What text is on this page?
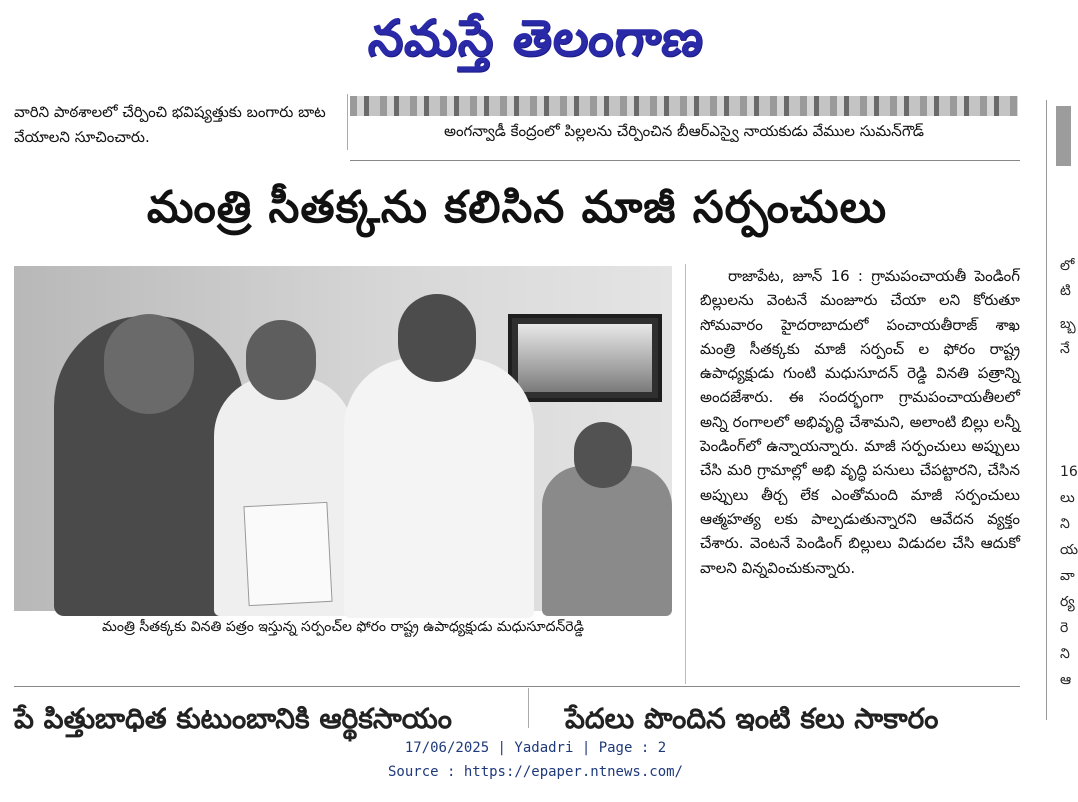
నమస్తే తెలంగాణ
వారిని పాఠశాలలో చేర్పించి భవిష్యత్తుకు బంగారు బాట వేయాలని సూచించారు.	అంగన్వాడీ కేంద్రంలో పిల్లలను చేర్పించిన బీఆర్ఎస్వై నాయకుడు వేముల సుమన్‌గౌడ్
మంత్రి సీతక్కను కలిసిన మాజీ సర్పంచులు
మంత్రి సీతక్కకు వినతి పత్రం ఇస్తున్న సర్పంచ్‌ల ఫోరం రాష్ట్ర ఉపాధ్యక్షుడు మధుసూదన్‌రెడ్డి

రాజాపేట, జూన్ 16 : గ్రామపంచాయతీ పెండింగ్ బిల్లులను వెంటనే మంజూరు చేయా లని కోరుతూ సోమవారం హైదరాబాదులో పంచాయతీరాజ్ శాఖ మంత్రి సీతక్కకు మాజీ సర్పంచ్ ల ఫోరం రాష్ట్ర ఉపాధ్యక్షుడు గుంటి మధుసూదన్ రెడ్డి వినతి పత్రాన్ని అందజేశారు. ఈ సందర్భంగా గ్రామపంచాయతీలలో అన్ని రంగాలలో అభివృద్ధి చేశామని, అలాంటి బిల్లు లన్నీ పెండింగ్‌లో ఉన్నాయన్నారు. మాజీ సర్పంచులు అప్పులు చేసి మరి గ్రామాల్లో అభి వృద్ధి పనులు చేపట్టారని, చేసిన అప్పులు తీర్చ లేక ఎంతోమంది మాజీ సర్పంచులు ఆత్మహత్య లకు పాల్పడుతున్నారని ఆవేదన వ్యక్తం చేశారు. వెంటనే పెండింగ్ బిల్లులు విడుదల చేసి ఆదుకో వాలని విన్నవించుకున్నారు.

పే పిత్తుబాధిత కుటుంబానికి ఆర్థికసాయం	పేదలు పొందిన ఇంటి కలు సాకారం
లో
టి
బ్బ
నే
16
లు
ని
య
వా
ర్య
రె
ని
ఆ
17/06/2025 | Yadadri | Page : 2
Source : https://epaper.ntnews.com/
